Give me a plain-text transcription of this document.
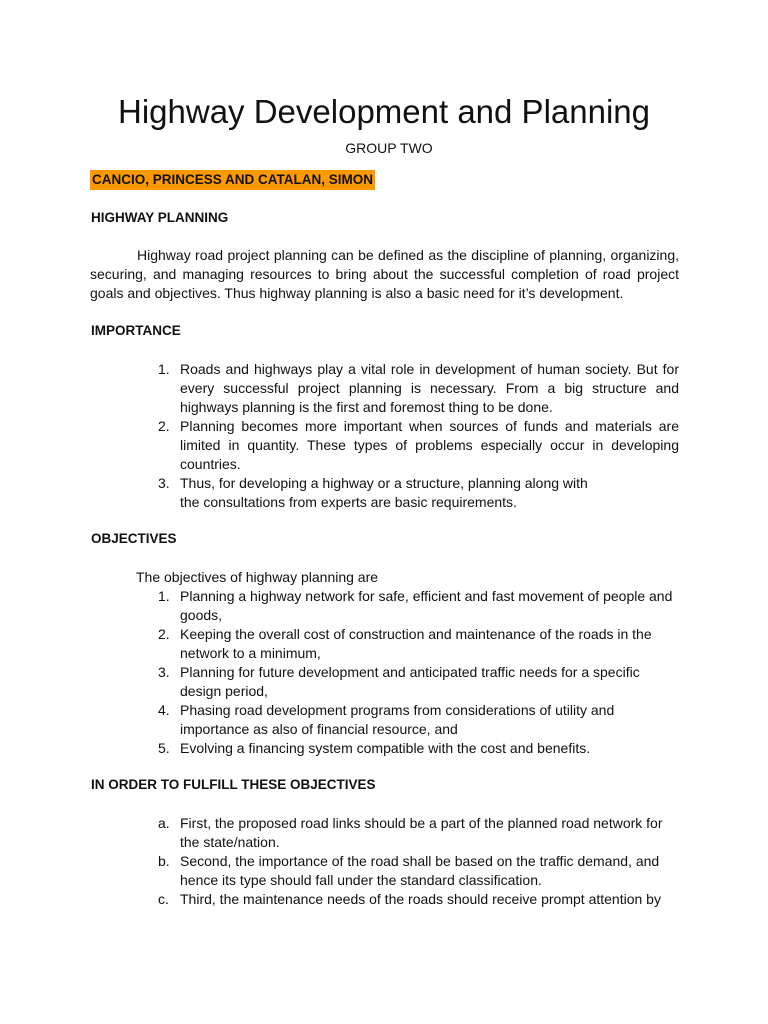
Highway Development and Planning
GROUP TWO
CANCIO, PRINCESS AND CATALAN, SIMON
HIGHWAY PLANNING

Highway road project planning can be defined as the discipline of planning, organizing, securing, and managing resources to bring about the successful completion of road project goals and objectives. Thus highway planning is also a basic need for it’s development.

IMPORTANCE
1. Roads and highways play a vital role in development of human society. But for every successful project planning is necessary. From a big structure and highways planning is the first and foremost thing to be done.
2. Planning becomes more important when sources of funds and materials are limited in quantity. These types of problems especially occur in developing countries.
3. Thus, for developing a highway or a structure, planning along with the consultations from experts are basic requirements.
OBJECTIVES

The objectives of highway planning are

1. Planning a highway network for safe, efficient and fast movement of people and goods,
2. Keeping the overall cost of construction and maintenance of the roads in the network to a minimum,
3. Planning for future development and anticipated traffic needs for a specific design period,
4. Phasing road development programs from considerations of utility and importance as also of financial resource, and
5. Evolving a financing system compatible with the cost and benefits.
IN ORDER TO FULFILL THESE OBJECTIVES
a. First, the proposed road links should be a part of the planned road network for the state/nation.
b. Second, the importance of the road shall be based on the traffic demand, and hence its type should fall under the standard classification.
c. Third, the maintenance needs of the roads should receive prompt attention by
